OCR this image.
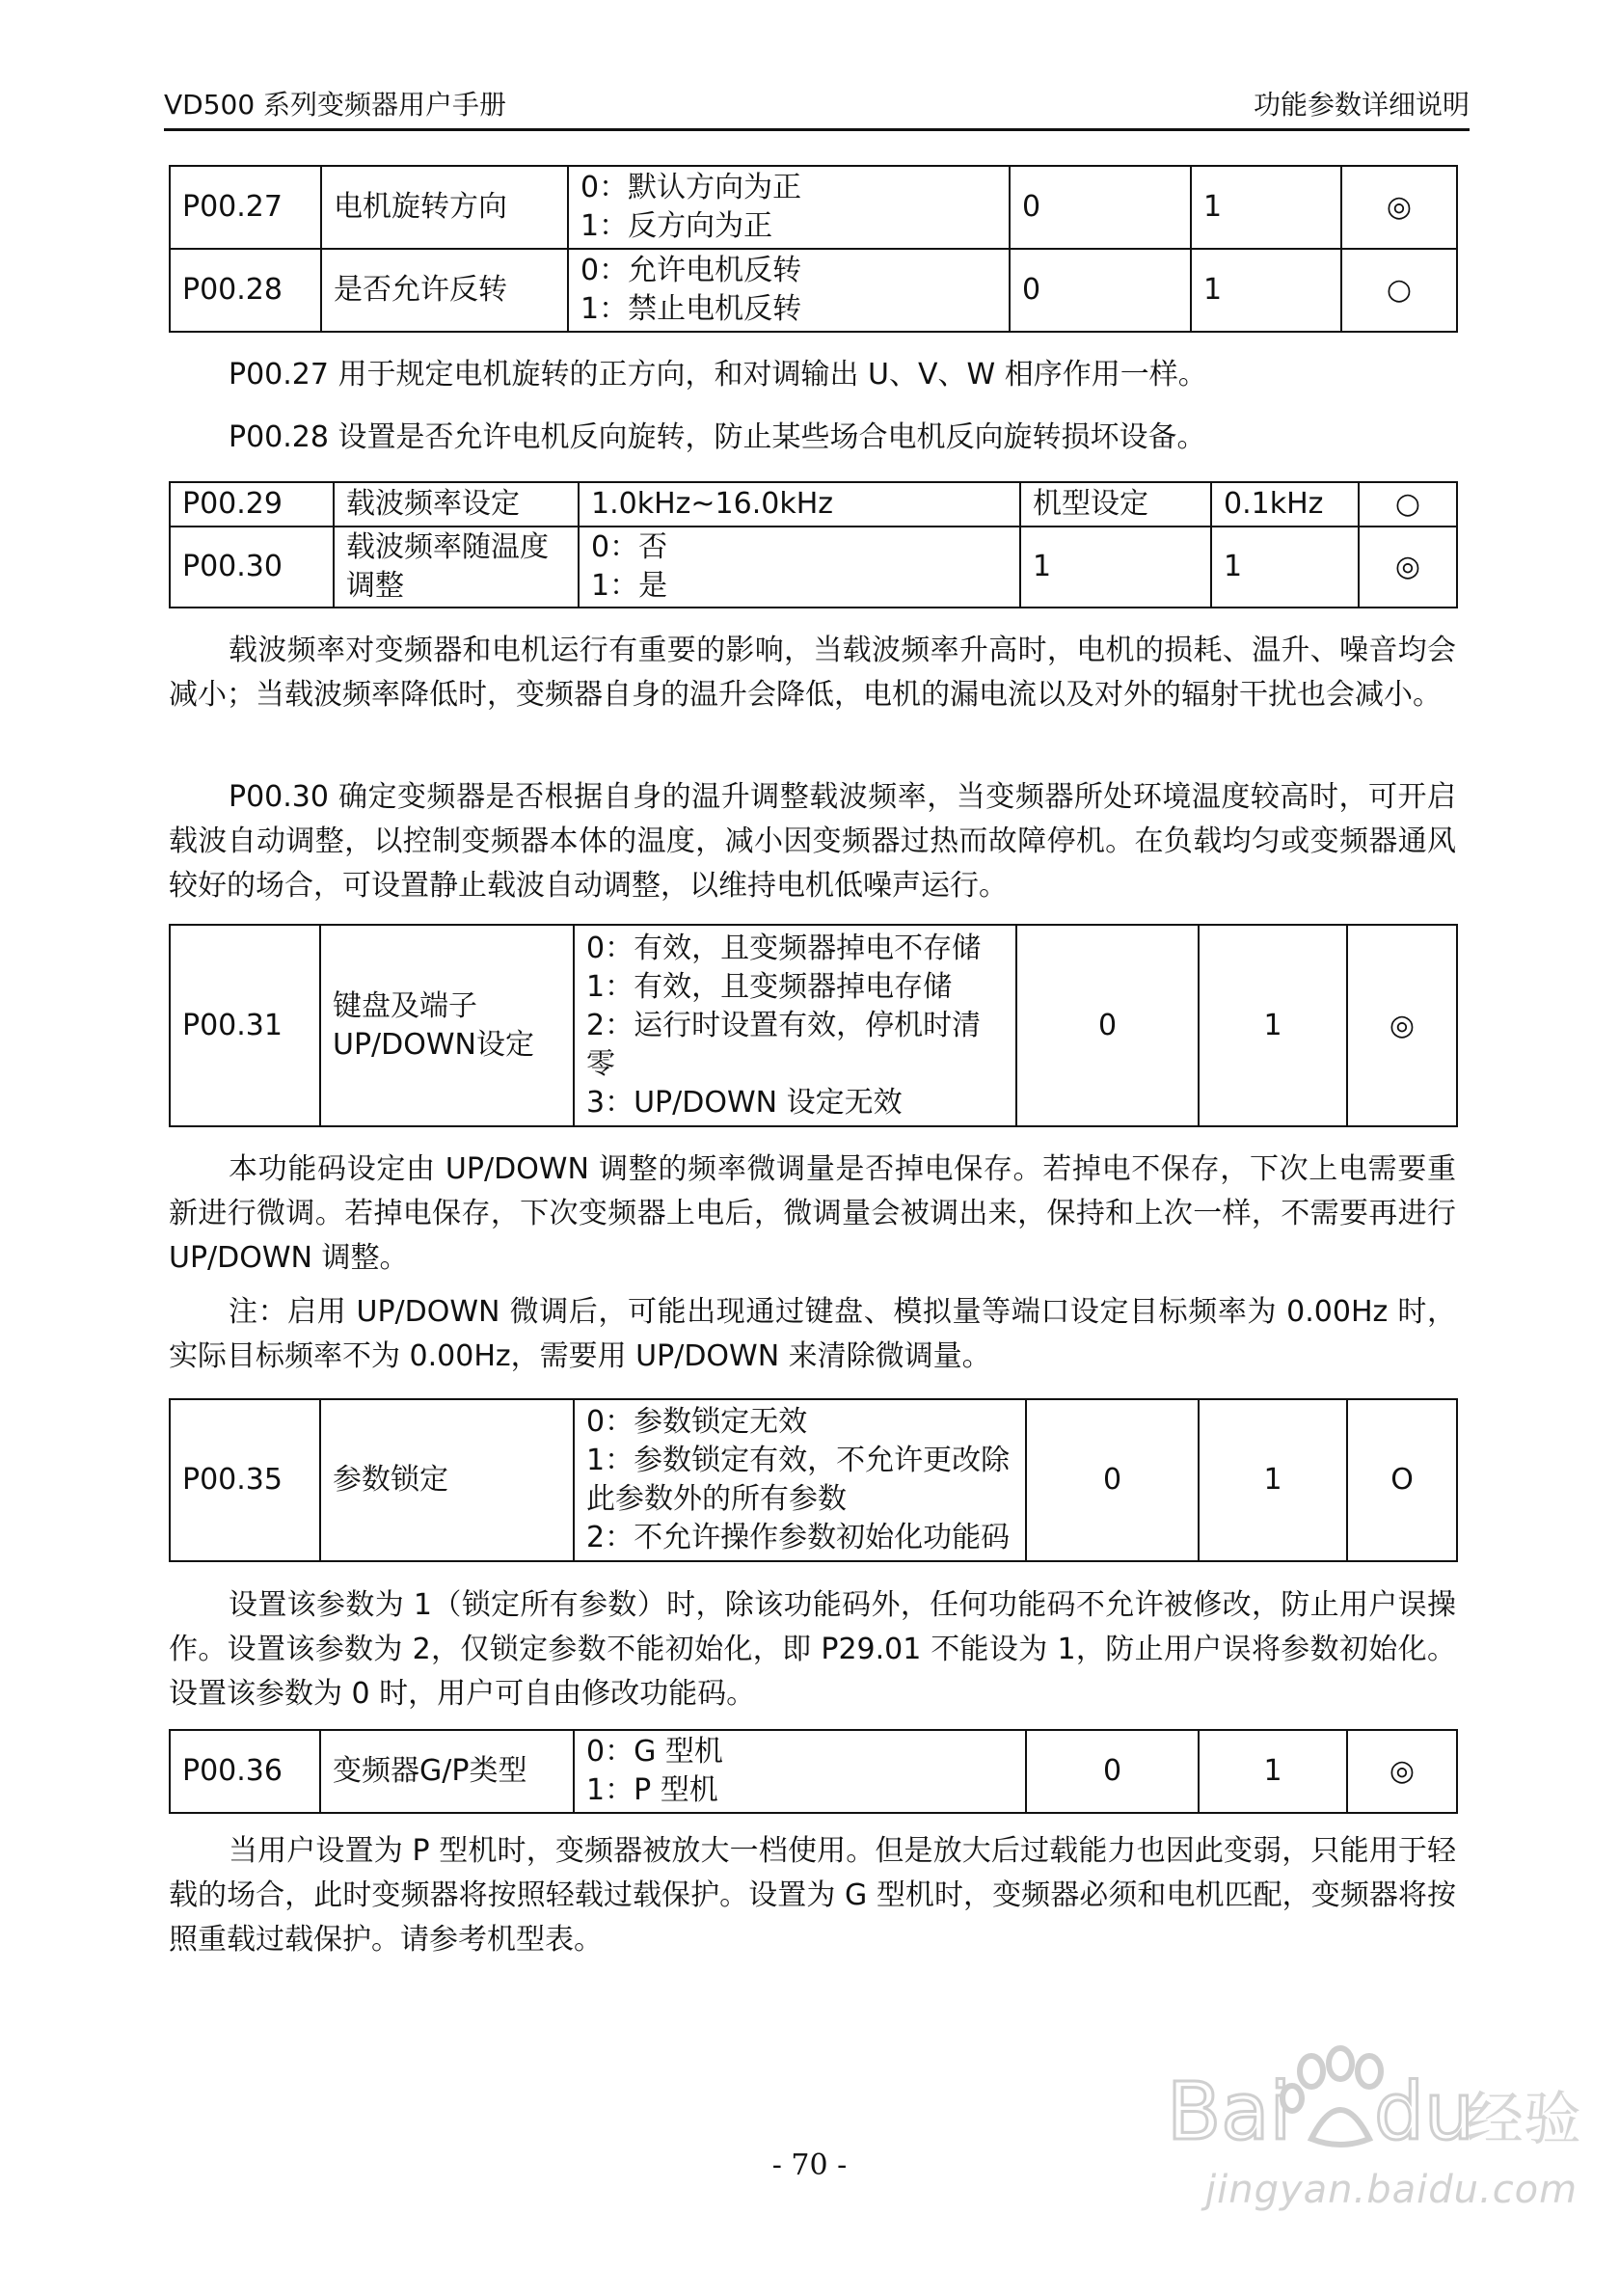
VD500 系列变频器用户手册	功能参数详细说明
P00.27	电机旋转方向	0：默认方向为正
1：反方向为正	0	1	◎
P00.28	是否允许反转	0：允许电机反转
1：禁止电机反转	0	1	○

P00.27 用于规定电机旋转的正方向，和对调输出 U、V、W 相序作用一样。

P00.28 设置是否允许电机反向旋转，防止某些场合电机反向旋转损坏设备。

P00.29	载波频率设定	1.0kHz~16.0kHz	机型设定	0.1kHz	○
P00.30	载波频率随温度调整	0：否
1：是	1	1	◎

载波频率对变频器和电机运行有重要的影响，当载波频率升高时，电机的损耗、温升、噪音均会减小；当载波频率降低时，变频器自身的温升会降低，电机的漏电流以及对外的辐射干扰也会减小。

P00.30 确定变频器是否根据自身的温升调整载波频率，当变频器所处环境温度较高时，可开启载波自动调整，以控制变频器本体的温度，减小因变频器过热而故障停机。在负载均匀或变频器通风较好的场合，可设置静止载波自动调整，以维持电机低噪声运行。

P00.31	键盘及端子UP/DOWN设定	
0：有效，且变频器掉电不存储
1：有效，且变频器掉电存储
2：运行时设置有效，停机时清零
3：UP/DOWN 设定无效
	0	1	◎

本功能码设定由 UP/DOWN 调整的频率微调量是否掉电保存。若掉电不保存，下次上电需要重新进行微调。若掉电保存，下次变频器上电后，微调量会被调出来，保持和上次一样，不需要再进行 UP/DOWN 调整。

注：启用 UP/DOWN 微调后，可能出现通过键盘、模拟量等端口设定目标频率为 0.00Hz 时，实际目标频率不为 0.00Hz，需要用 UP/DOWN 来清除微调量。

P00.35	参数锁定	
0：参数锁定无效
1：参数锁定有效，不允许更改除此参数外的所有参数
2：不允许操作参数初始化功能码
	0	1	O

设置该参数为 1（锁定所有参数）时，除该功能码外，任何功能码不允许被修改，防止用户误操作。设置该参数为 2，仅锁定参数不能初始化，即 P29.01 不能设为 1，防止用户误将参数初始化。设置该参数为 0 时，用户可自由修改功能码。

P00.36	变频器G/P类型	
0：G 型机
1：P 型机
	0	1	◎

当用户设置为 P 型机时，变频器被放大一档使用。但是放大后过载能力也因此变弱，只能用于轻载的场合，此时变频器将按照轻载过载保护。设置为 G 型机时，变频器必须和电机匹配，变频器将按照重载过载保护。请参考机型表。

- 70 -
Bai du
经验
jingyan.baidu.com
